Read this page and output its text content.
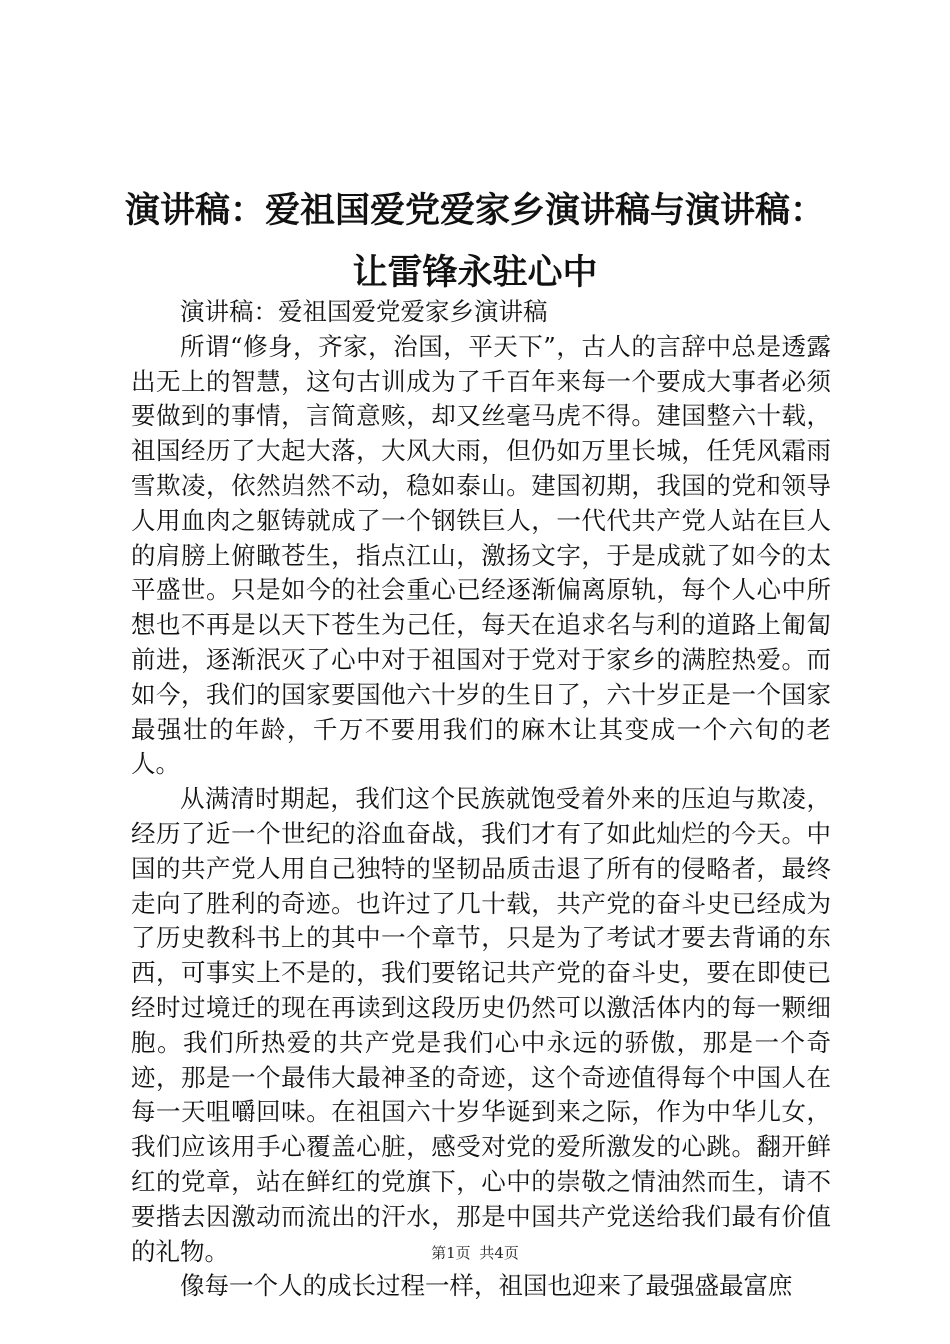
演讲稿：爱祖国爱党爱家乡演讲稿与演讲稿：
让雷锋永驻心中

演讲稿：爱祖国爱党爱家乡演讲稿

所谓“修身，齐家，治国，平天下”，古人的言辞中总是透露出无上的智慧，这句古训成为了千百年来每一个要成大事者必须要做到的事情，言简意赅，却又丝毫马虎不得。建国整六十载，祖国经历了大起大落，大风大雨，但仍如万里长城，任凭风霜雨雪欺凌，依然岿然不动，稳如泰山。建国初期，我国的党和领导人用血肉之躯铸就成了一个钢铁巨人，一代代共产党人站在巨人的肩膀上俯瞰苍生，指点江山，激扬文字，于是成就了如今的太平盛世。只是如今的社会重心已经逐渐偏离原轨，每个人心中所想也不再是以天下苍生为己任，每天在追求名与利的道路上匍匐前进，逐渐泯灭了心中对于祖国对于党对于家乡的满腔热爱。而如今，我们的国家要国他六十岁的生日了，六十岁正是一个国家最强壮的年龄，千万不要用我们的麻木让其变成一个六旬的老人。

从满清时期起，我们这个民族就饱受着外来的压迫与欺凌，经历了近一个世纪的浴血奋战，我们才有了如此灿烂的今天。中国的共产党人用自己独特的坚韧品质击退了所有的侵略者，最终走向了胜利的奇迹。也许过了几十载，共产党的奋斗史已经成为了历史教科书上的其中一个章节，只是为了考试才要去背诵的东西，可事实上不是的，我们要铭记共产党的奋斗史，要在即使已经时过境迁的现在再读到这段历史仍然可以激活体内的每一颗细胞。我们所热爱的共产党是我们心中永远的骄傲，那是一个奇迹，那是一个最伟大最神圣的奇迹，这个奇迹值得每个中国人在每一天咀嚼回味。在祖国六十岁华诞到来之际，作为中华儿女，我们应该用手心覆盖心脏，感受对党的爱所激发的心跳。翻开鲜红的党章，站在鲜红的党旗下，心中的崇敬之情油然而生，请不要揩去因激动而流出的汗水，那是中国共产党送给我们最有价值的礼物。

像每一个人的成长过程一样，祖国也迎来了最强盛最富庶

第1页 共4页
